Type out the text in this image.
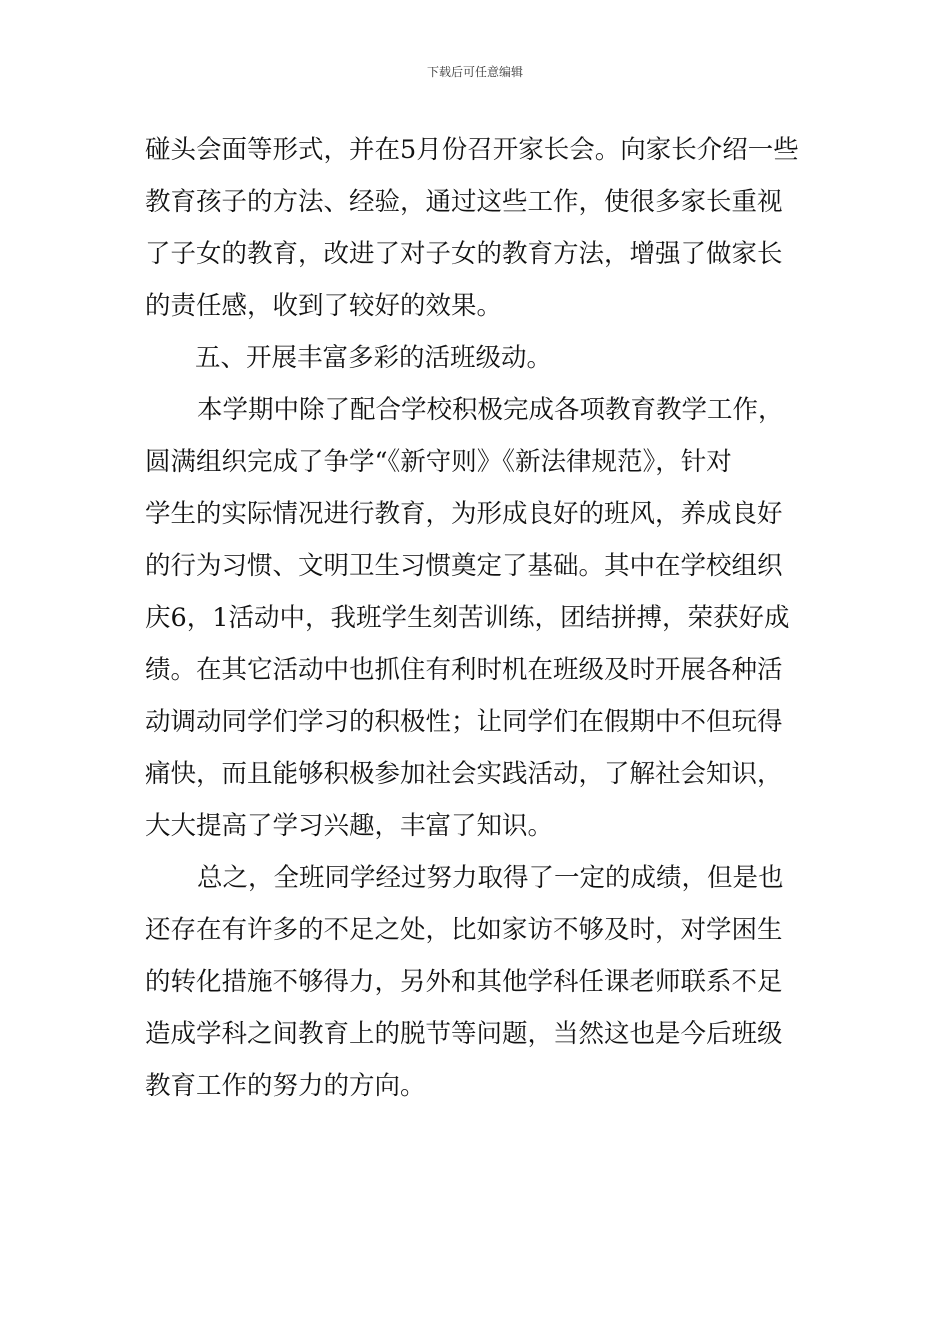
下载后可任意编辑
碰头会面等形式，并在5月份召开家长会。向家长介绍一些
教育孩子的方法、经验，通过这些工作，使很多家长重视
了子女的教育，改进了对子女的教育方法，增强了做家长
的责任感，收到了较好的效果。
五、开展丰富多彩的活班级动。
本学期中除了配合学校积极完成各项教育教学工作，
圆满组织完成了争学“《新守则》《新法律规范》，针对
学生的实际情况进行教育，为形成良好的班风，养成良好
的行为习惯、文明卫生习惯奠定了基础。其中在学校组织
庆6，1活动中，我班学生刻苦训练，团结拼搏，荣获好成
绩。在其它活动中也抓住有利时机在班级及时开展各种活
动调动同学们学习的积极性；让同学们在假期中不但玩得
痛快，而且能够积极参加社会实践活动，了解社会知识，
大大提高了学习兴趣，丰富了知识。
总之，全班同学经过努力取得了一定的成绩，但是也
还存在有许多的不足之处，比如家访不够及时，对学困生
的转化措施不够得力，另外和其他学科任课老师联系不足
造成学科之间教育上的脱节等问题，当然这也是今后班级
教育工作的努力的方向。
